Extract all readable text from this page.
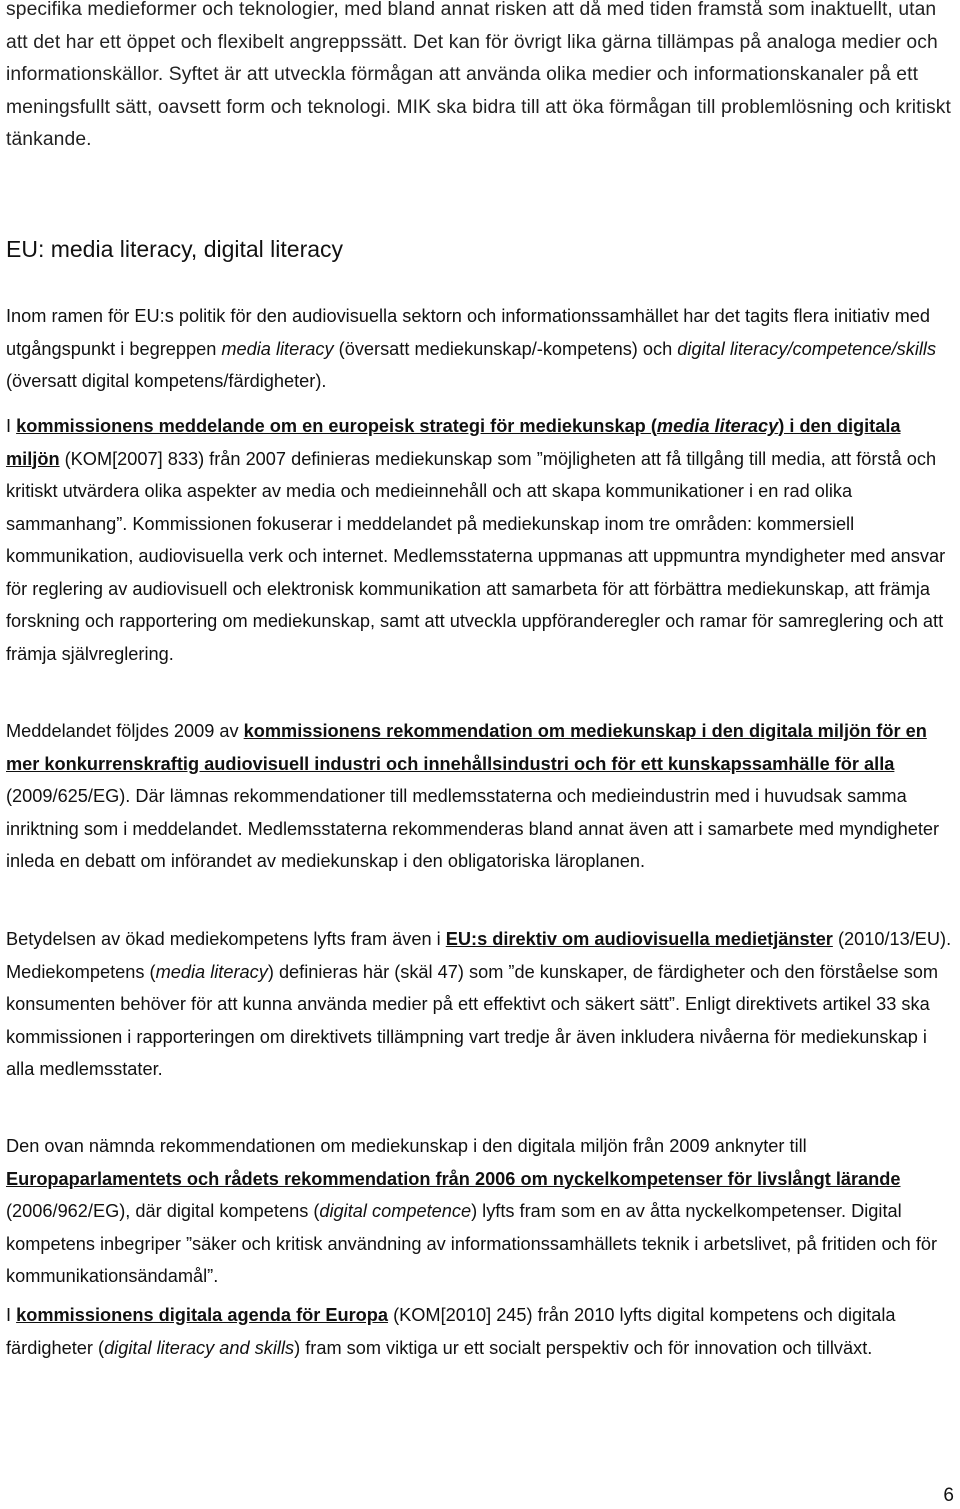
specifika medieformer och teknologier, med bland annat risken att då med tiden framstå som inaktuellt, utan att det har ett öppet och flexibelt angreppssätt. Det kan för övrigt lika gärna tillämpas på analoga medier och informationskällor. Syftet är att utveckla förmågan att använda olika medier och informationskanaler på ett meningsfullt sätt, oavsett form och teknologi. MIK ska bidra till att öka förmågan till problemlösning och kritiskt tänkande.

EU: media literacy, digital literacy

Inom ramen för EU:s politik för den audiovisuella sektorn och informationssamhället har det tagits flera initiativ med utgångspunkt i begreppen media literacy (översatt mediekunskap/-kompetens) och digital literacy/competence/skills (översatt digital kompetens/färdigheter).

I kommissionens meddelande om en europeisk strategi för mediekunskap (media literacy) i den digitala miljön (KOM[2007] 833) från 2007 definieras mediekunskap som ”möjligheten att få tillgång till media, att förstå och kritiskt utvärdera olika aspekter av media och medieinnehåll och att skapa kommunikationer i en rad olika sammanhang”. Kommissionen fokuserar i meddelandet på mediekunskap inom tre områden: kommersiell kommunikation, audiovisuella verk och internet. Medlemsstaterna uppmanas att uppmuntra myndigheter med ansvar för reglering av audiovisuell och elektronisk kommunikation att samarbeta för att förbättra mediekunskap, att främja forskning och rapportering om mediekunskap, samt att utveckla uppföranderegler och ramar för samreglering och att främja självreglering.

Meddelandet följdes 2009 av kommissionens rekommendation om mediekunskap i den digitala miljön för en mer konkurrenskraftig audiovisuell industri och innehållsindustri och för ett kunskapssamhälle för alla (2009/625/EG). Där lämnas rekommendationer till medlemsstaterna och medieindustrin med i huvudsak samma inriktning som i meddelandet. Medlemsstaterna rekommenderas bland annat även att i samarbete med myndigheter inleda en debatt om införandet av mediekunskap i den obligatoriska läroplanen.

Betydelsen av ökad mediekompetens lyfts fram även i EU:s direktiv om audiovisuella medietjänster (2010/13/EU). Mediekompetens (media literacy) definieras här (skäl 47) som ”de kunskaper, de färdigheter och den förståelse som konsumenten behöver för att kunna använda medier på ett effektivt och säkert sätt”. Enligt direktivets artikel 33 ska kommissionen i rapporteringen om direktivets tillämpning vart tredje år även inkludera nivåerna för mediekunskap i alla medlemsstater.

Den ovan nämnda rekommendationen om mediekunskap i den digitala miljön från 2009 anknyter till Europaparlamentets och rådets rekommendation från 2006 om nyckelkompetenser för livslångt lärande (2006/962/EG), där digital kompetens (digital competence) lyfts fram som en av åtta nyckelkompetenser. Digital kompetens inbegriper ”säker och kritisk användning av informationssamhällets teknik i arbetslivet, på fritiden och för kommunikationsändamål”.

I kommissionens digitala agenda för Europa (KOM[2010] 245) från 2010 lyfts digital kompetens och digitala färdigheter (digital literacy and skills) fram som viktiga ur ett socialt perspektiv och för innovation och tillväxt.

6
